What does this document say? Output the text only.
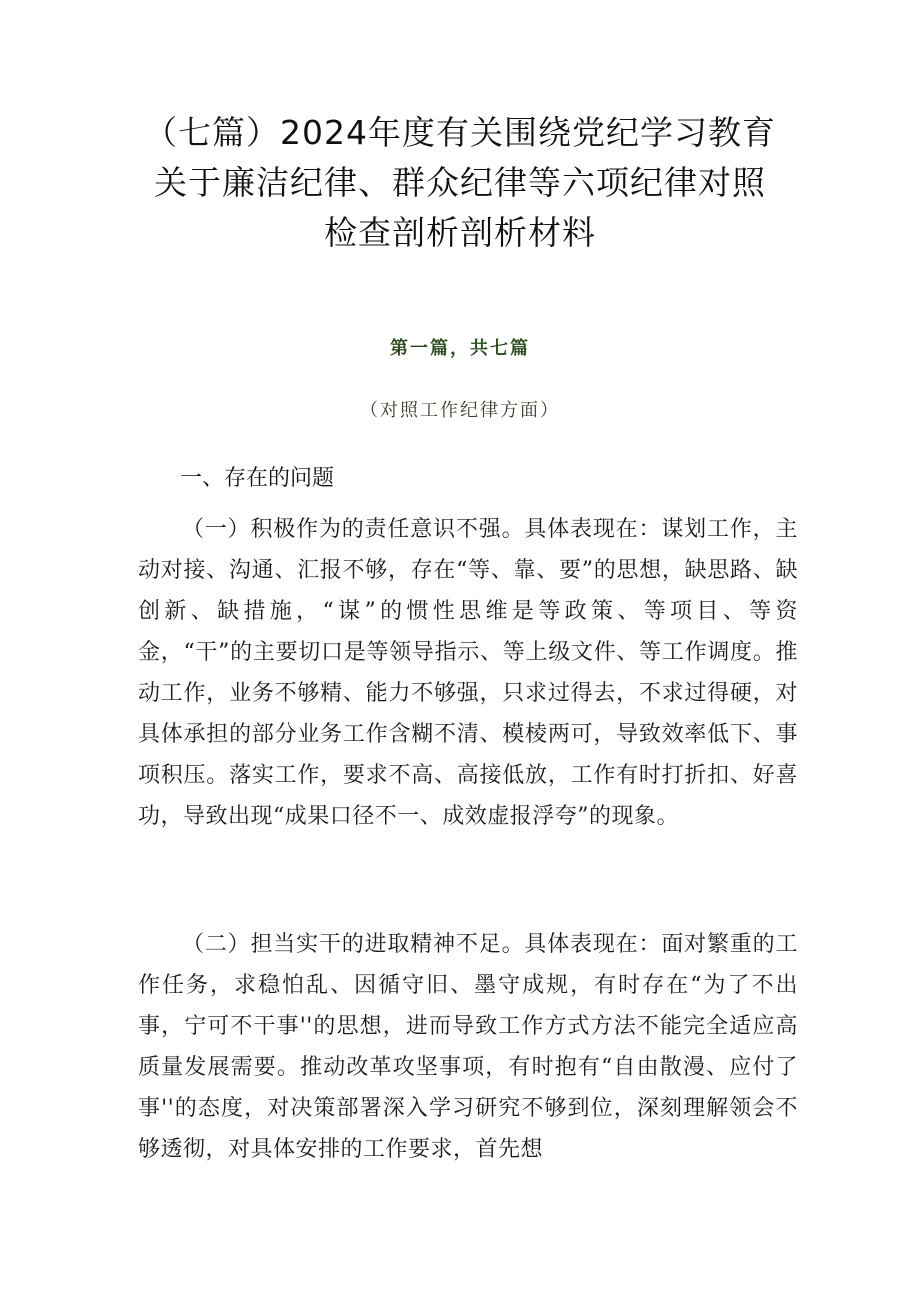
（七篇）2024年度有关围绕党纪学习教育
关于廉洁纪律、群众纪律等六项纪律对照
检查剖析剖析材料
第一篇，共七篇
（对照工作纪律方面）
一、存在的问题

（一）积极作为的责任意识不强。具体表现在：谋划工作，主动对接、沟通、汇报不够，存在“等、靠、要”的思想，缺思路、缺创新、缺措施，“谋”的惯性思维是等政策、等项目、等资金，“干”的主要切口是等领导指示、等上级文件、等工作调度。推动工作，业务不够精、能力不够强，只求过得去，不求过得硬，对具体承担的部分业务工作含糊不清、模棱两可，导致效率低下、事项积压。落实工作，要求不高、高接低放，工作有时打折扣、好喜功，导致出现“成果口径不一、成效虚报浮夸”的现象。

（二）担当实干的进取精神不足。具体表现在：面对繁重的工作任务，求稳怕乱、因循守旧、墨守成规，有时存在“为了不出事，宁可不干事''的思想，进而导致工作方式方法不能完全适应高质量发展需要。推动改革攻坚事项，有时抱有“自由散漫、应付了事''的态度，对决策部署深入学习研究不够到位，深刻理解领会不够透彻，对具体安排的工作要求，首先想
